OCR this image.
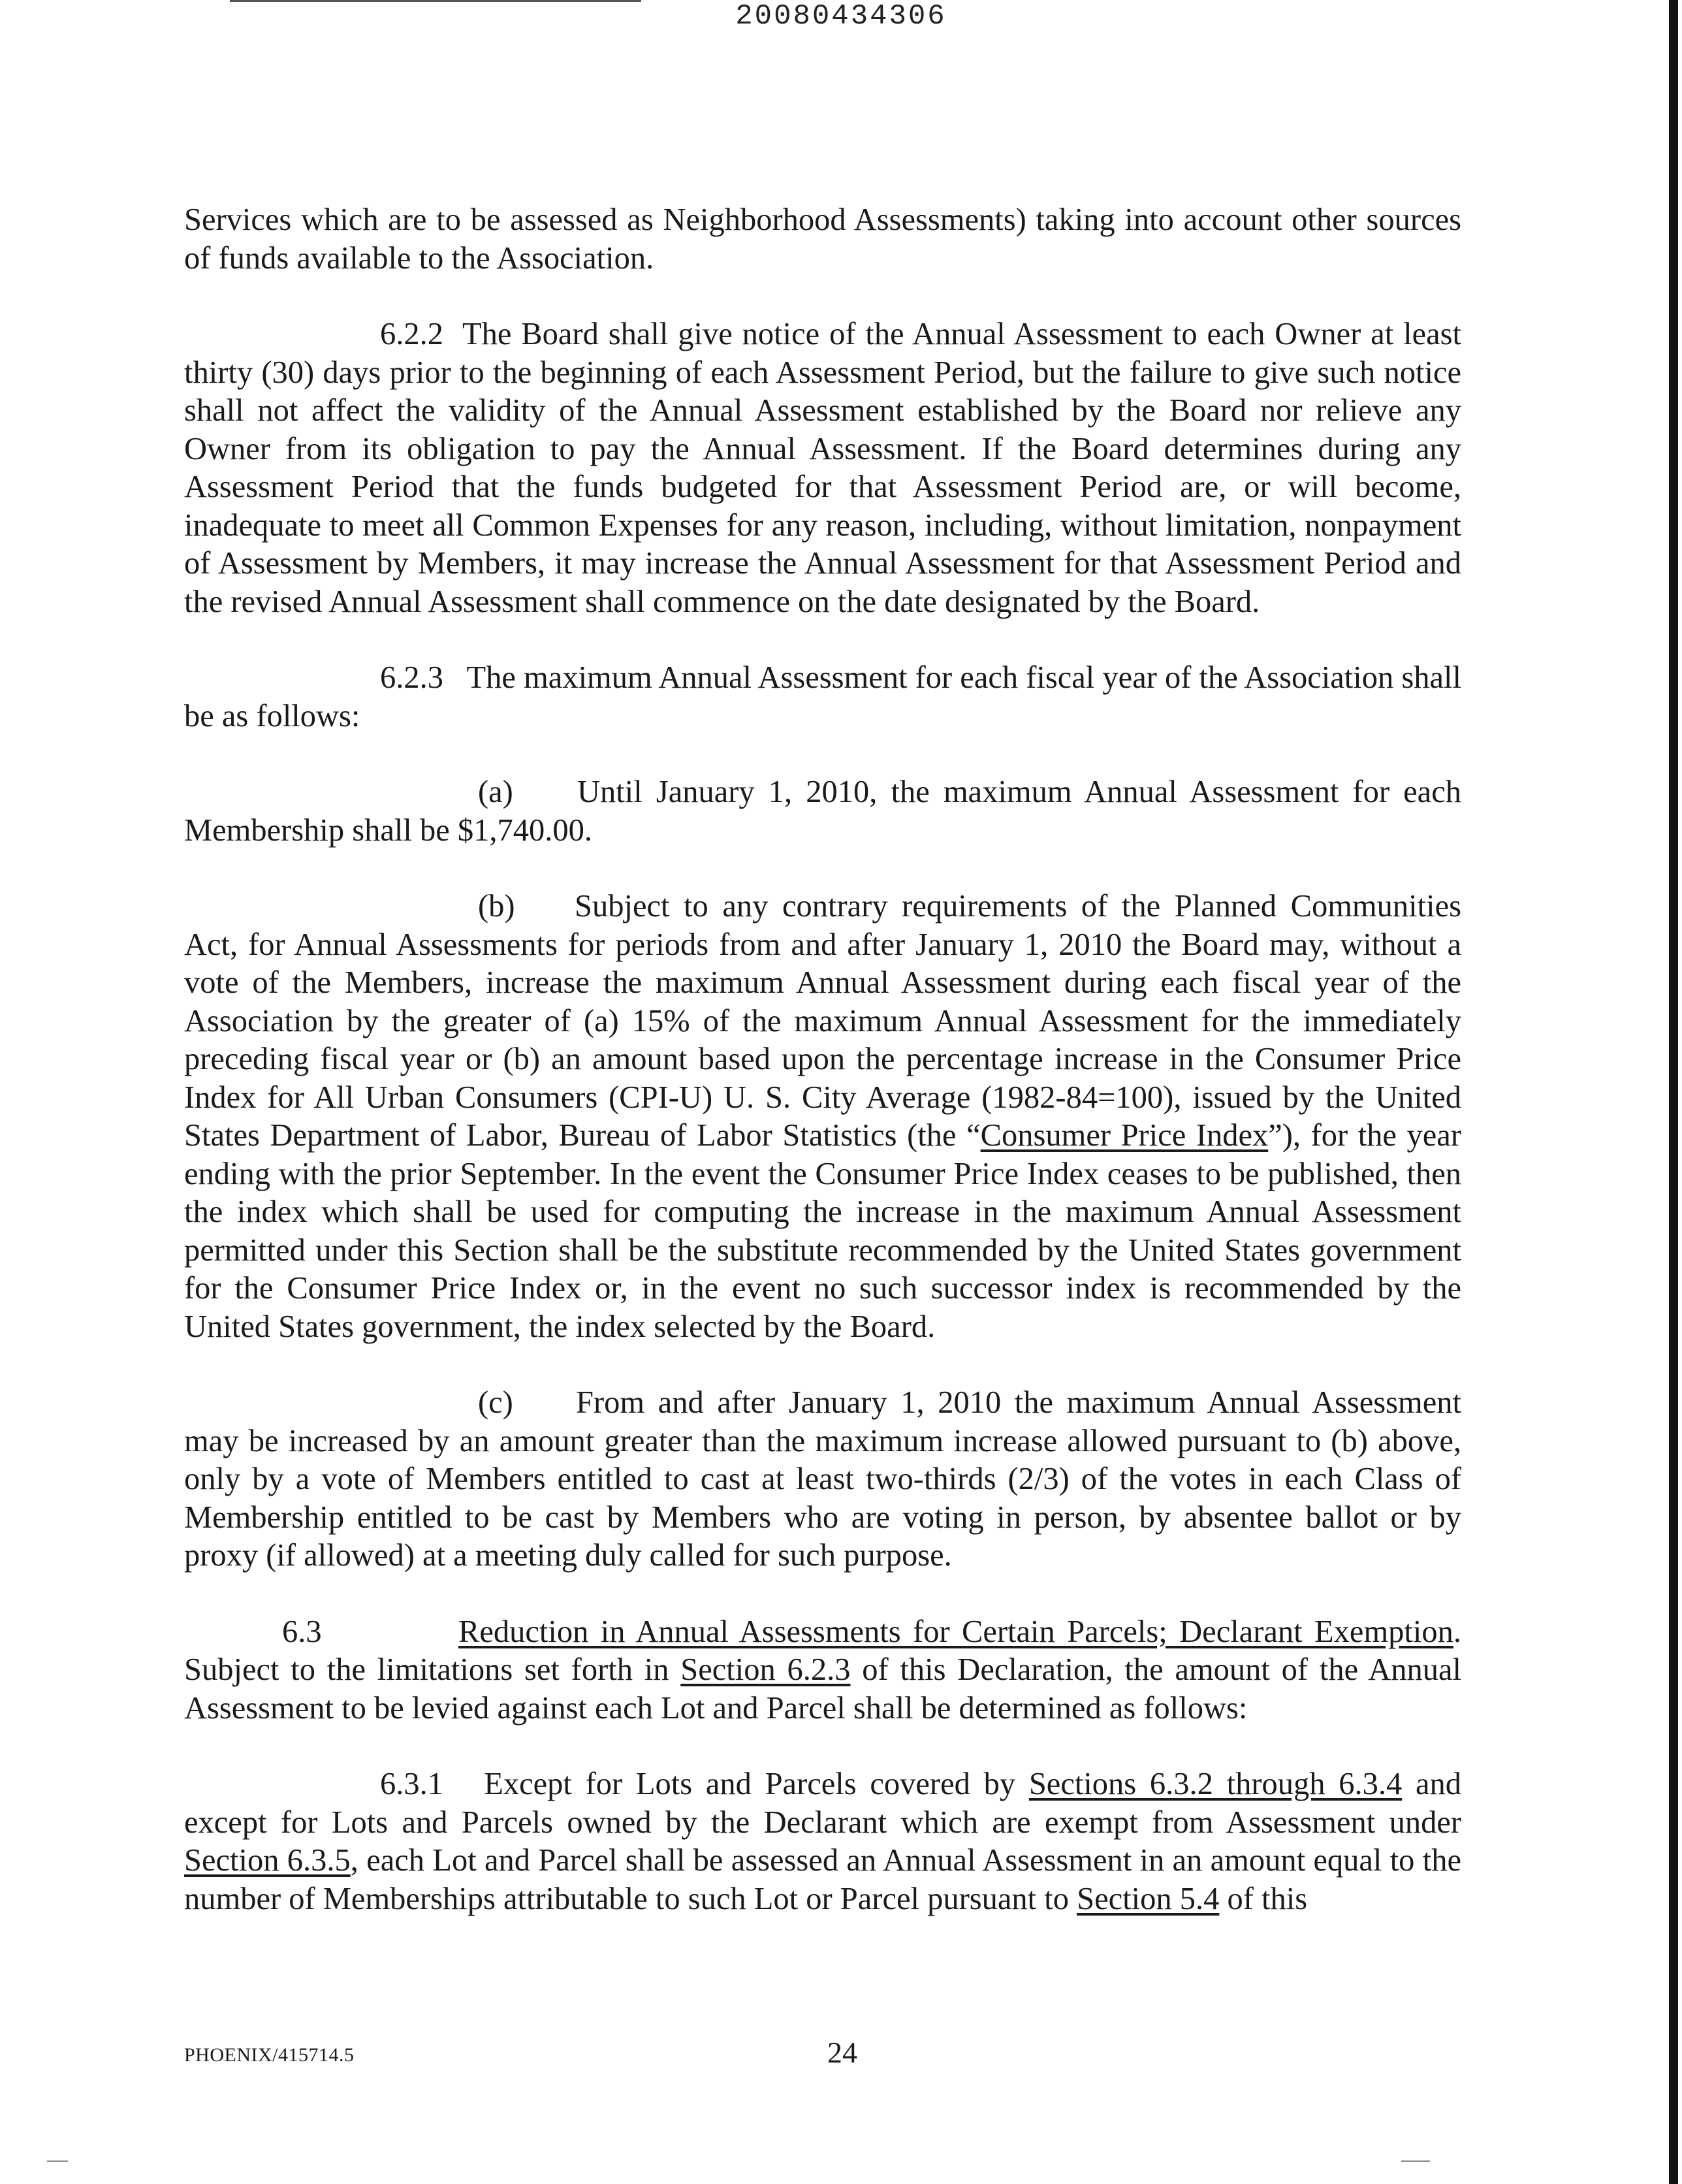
20080434306

Services which are to be assessed as Neighborhood Assessments) taking into account other sources of funds available to the Association.

6.2.2 The Board shall give notice of the Annual Assessment to each Owner at least thirty (30) days prior to the beginning of each Assessment Period, but the failure to give such notice shall not affect the validity of the Annual Assessment established by the Board nor relieve any Owner from its obligation to pay the Annual Assessment. If the Board determines during any Assessment Period that the funds budgeted for that Assessment Period are, or will become, inadequate to meet all Common Expenses for any reason, including, without limitation, nonpayment of Assessment by Members, it may increase the Annual Assessment for that Assessment Period and the revised Annual Assessment shall commence on the date designated by the Board.

6.2.3 The maximum Annual Assessment for each fiscal year of the Association shall be as follows:

(a) Until January 1, 2010, the maximum Annual Assessment for each Membership shall be $1,740.00.

(b) Subject to any contrary requirements of the Planned Communities Act, for Annual Assessments for periods from and after January 1, 2010 the Board may, without a vote of the Members, increase the maximum Annual Assessment during each fiscal year of the Association by the greater of (a) 15% of the maximum Annual Assessment for the immediately preceding fiscal year or (b) an amount based upon the percentage increase in the Consumer Price Index for All Urban Consumers (CPI-U) U. S. City Average (1982-84=100), issued by the United States Department of Labor, Bureau of Labor Statistics (the “Consumer Price Index”), for the year ending with the prior September. In the event the Consumer Price Index ceases to be published, then the index which shall be used for computing the increase in the maximum Annual Assessment permitted under this Section shall be the substitute recommended by the United States government for the Consumer Price Index or, in the event no such successor index is recommended by the United States government, the index selected by the Board.

(c) From and after January 1, 2010 the maximum Annual Assessment may be increased by an amount greater than the maximum increase allowed pursuant to (b) above, only by a vote of Members entitled to cast at least two-thirds (2/3) of the votes in each Class of Membership entitled to be cast by Members who are voting in person, by absentee ballot or by proxy (if allowed) at a meeting duly called for such purpose.

6.3	Reduction in Annual Assessments for Certain Parcels; Declarant Exemption. Subject to the limitations set forth in Section 6.2.3 of this Declaration, the amount of the Annual Assessment to be levied against each Lot and Parcel shall be determined as follows:

6.3.1 Except for Lots and Parcels covered by Sections 6.3.2 through 6.3.4 and except for Lots and Parcels owned by the Declarant which are exempt from Assessment under Section 6.3.5, each Lot and Parcel shall be assessed an Annual Assessment in an amount equal to the number of Memberships attributable to such Lot or Parcel pursuant to Section 5.4 of this

PHOENIX/415714.5	24
